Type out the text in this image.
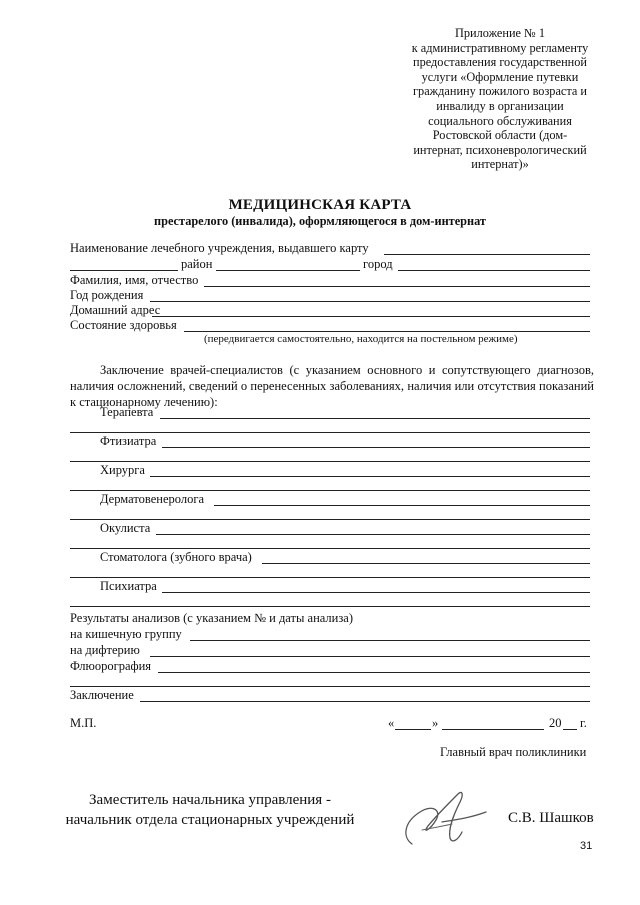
Приложение № 1
к административному регламенту
предоставления государственной
услуги «Оформление путевки
гражданину пожилого возраста и
инвалиду в организации
социального обслуживания
Ростовской области (дом-
интернат, психоневрологический
интернат)»
МЕДИЦИНСКАЯ КАРТА
престарелого (инвалида), оформляющегося в дом-интернат
Наименование лечебного учреждения, выдавшего карту
район	город
Фамилия, имя, отчество
Год рождения
Домашний адрес
Состояние здоровья
(передвигается самостоятельно, находится на постельном режиме)
Заключение врачей-специалистов (с указанием основного и сопутствующего диагнозов, наличия осложнений, сведений о перенесенных заболеваниях, наличия или отсутствия показаний к стационарному лечению):
Терапевта
Фтизиатра
Хирурга
Дерматовенеролога
Окулиста
Стоматолога (зубного врача)
Психиатра
Результаты анализов (с указанием № и даты анализа)
на кишечную группу
на дифтерию
Флюорография
Заключение
М.П.	«	»	20 г.
Главный врач поликлиники
Заместитель начальника управления -
начальник отдела стационарных учреждений	С.В. Шашков
31
